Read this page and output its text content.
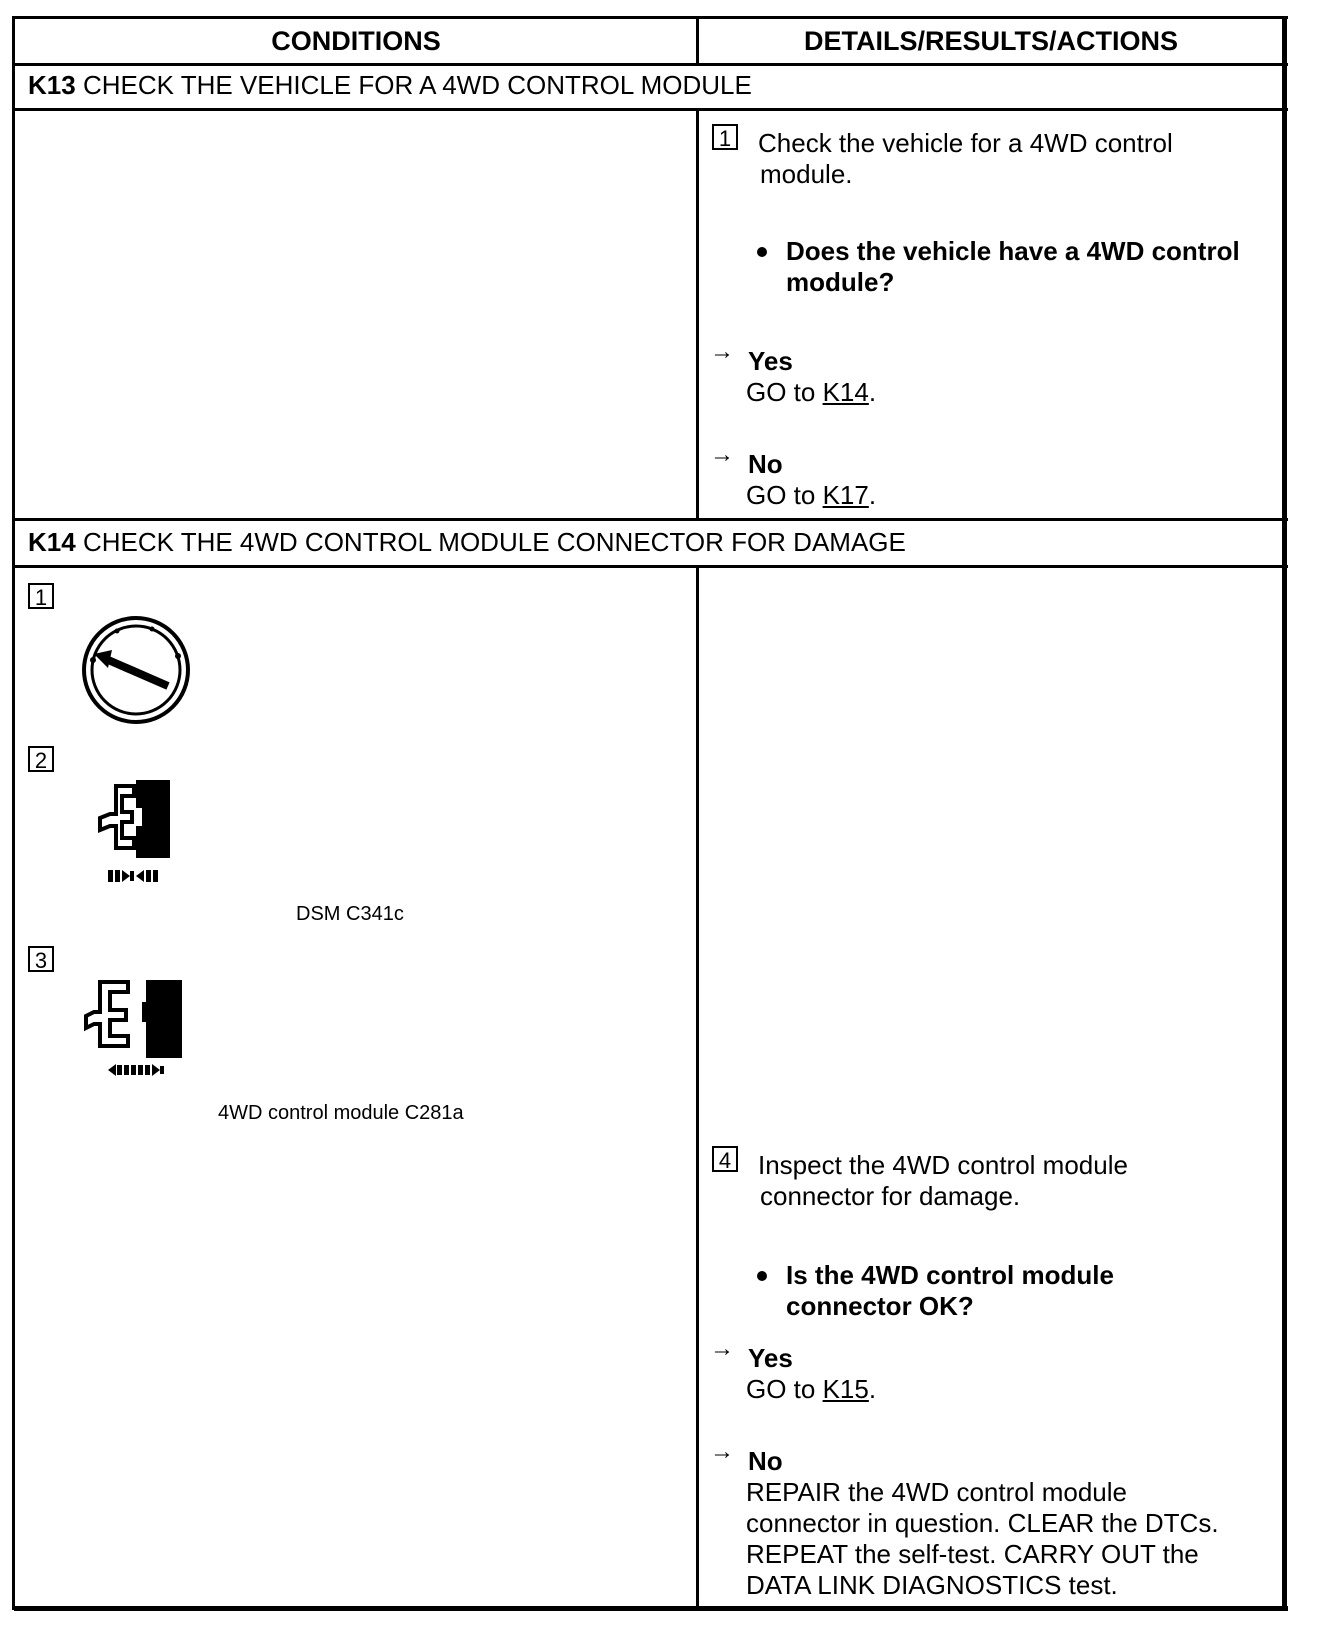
CONDITIONS	DETAILS/RESULTS/ACTIONS
K13 CHECK THE VEHICLE FOR A 4WD CONTROL MODULE
1 Check the vehicle for a 4WD control
module.
Does the vehicle have a 4WD control
module?
→ Yes
GO to K14.
→ No
GO to K17.
K14 CHECK THE 4WD CONTROL MODULE CONNECTOR FOR DAMAGE
1
2
DSM C341c
3
4WD control module C281a
4 Inspect the 4WD control module
connector for damage.
Is the 4WD control module
connector OK?
→ Yes
GO to K15.
→ No
REPAIR the 4WD control module
connector in question. CLEAR the DTCs.
REPEAT the self-test. CARRY OUT the
DATA LINK DIAGNOSTICS test.
